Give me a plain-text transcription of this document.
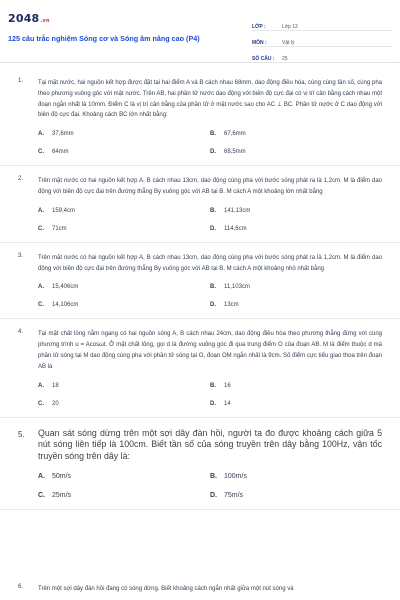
2048.vn
125 câu trắc nghiệm Sóng cơ và Sóng âm nâng cao (P4)
LỚP :	Lớp 12
MÔN :	Vật lý
SỐ CÂU :	25
1. Tại mặt nước, hai nguồn kết hợp được đặt tại hai điểm A và B cách nhau 68mm, dao động điều hòa, cùng cùng tần số, cùng pha theo phương vuông góc với mặt nước. Trên AB, hai phần tử nước dao động với biên độ cực đại có vị trí cân bằng cách nhau một đoạn ngắn nhất là 10mm. Điểm C là vị trí cân bằng của phần tử ở mặt nước sao cho AC ⊥ BC. Phần tử nước ở C dao động với biên độ cực đại. Khoảng cách BC lớn nhất bằng:
A.	37,6mm	B.	67,6mm
C.	64mm	D.	68,5mm
2. Trên mặt nước có hai nguồn kết hợp A, B cách nhau 13cm, dao động cùng pha với bước sóng phát ra là 1,2cm. M là điểm dao động với biên độ cực đại trên đường thẳng By vuông góc với AB tại B. M cách A một khoảng lớn nhất bằng
A.	159,4cm	B.	141,13cm
C.	71cm	D.	114,6cm
3. Trên mặt nước có hai nguồn kết hợp A, B cách nhau 13cm, dao động cùng pha với bước sóng phát ra là 1,2cm. M là điểm dao động với biên độ cực đại trên đường thẳng By vuông góc với AB tại B. M cách A một khoảng nhỏ nhất bằng
A.	15,406cm	B.	11,103cm
C.	14,106cm	D.	13cm
4. Tại mặt chất lỏng nằm ngang có hai nguồn sóng A, B cách nhau 24cm, dao động điều hòa theo phương thẳng đứng với cùng phương trình u = Acosωt. Ở mặt chất lỏng, gọi d là đường vuông góc đi qua trung điểm O của đoạn AB. M là điểm thuộc d mà phần tử sóng tại M dao động cùng pha với phần tử sóng tại O, đoạn OM ngắn nhất là 9cm. Số điểm cực tiểu giao thoa trên đoạn AB là
A.	18	B.	16
C.	20	D.	14
5. Quan sát sóng dừng trên một sợi dây đàn hồi, người ta đo được khoảng cách giữa 5 nút sóng liên tiếp là 100cm. Biết tần số của sóng truyền trên dây bằng 100Hz, vận tốc truyền sóng trên dây là:
A.	50m/s	B.	100m/s
C.	25m/s	D.	75m/s
6. Trên một sợi dây đàn hồi đang có sóng dừng. Biết khoảng cách ngắn nhất giữa một nút sóng và
